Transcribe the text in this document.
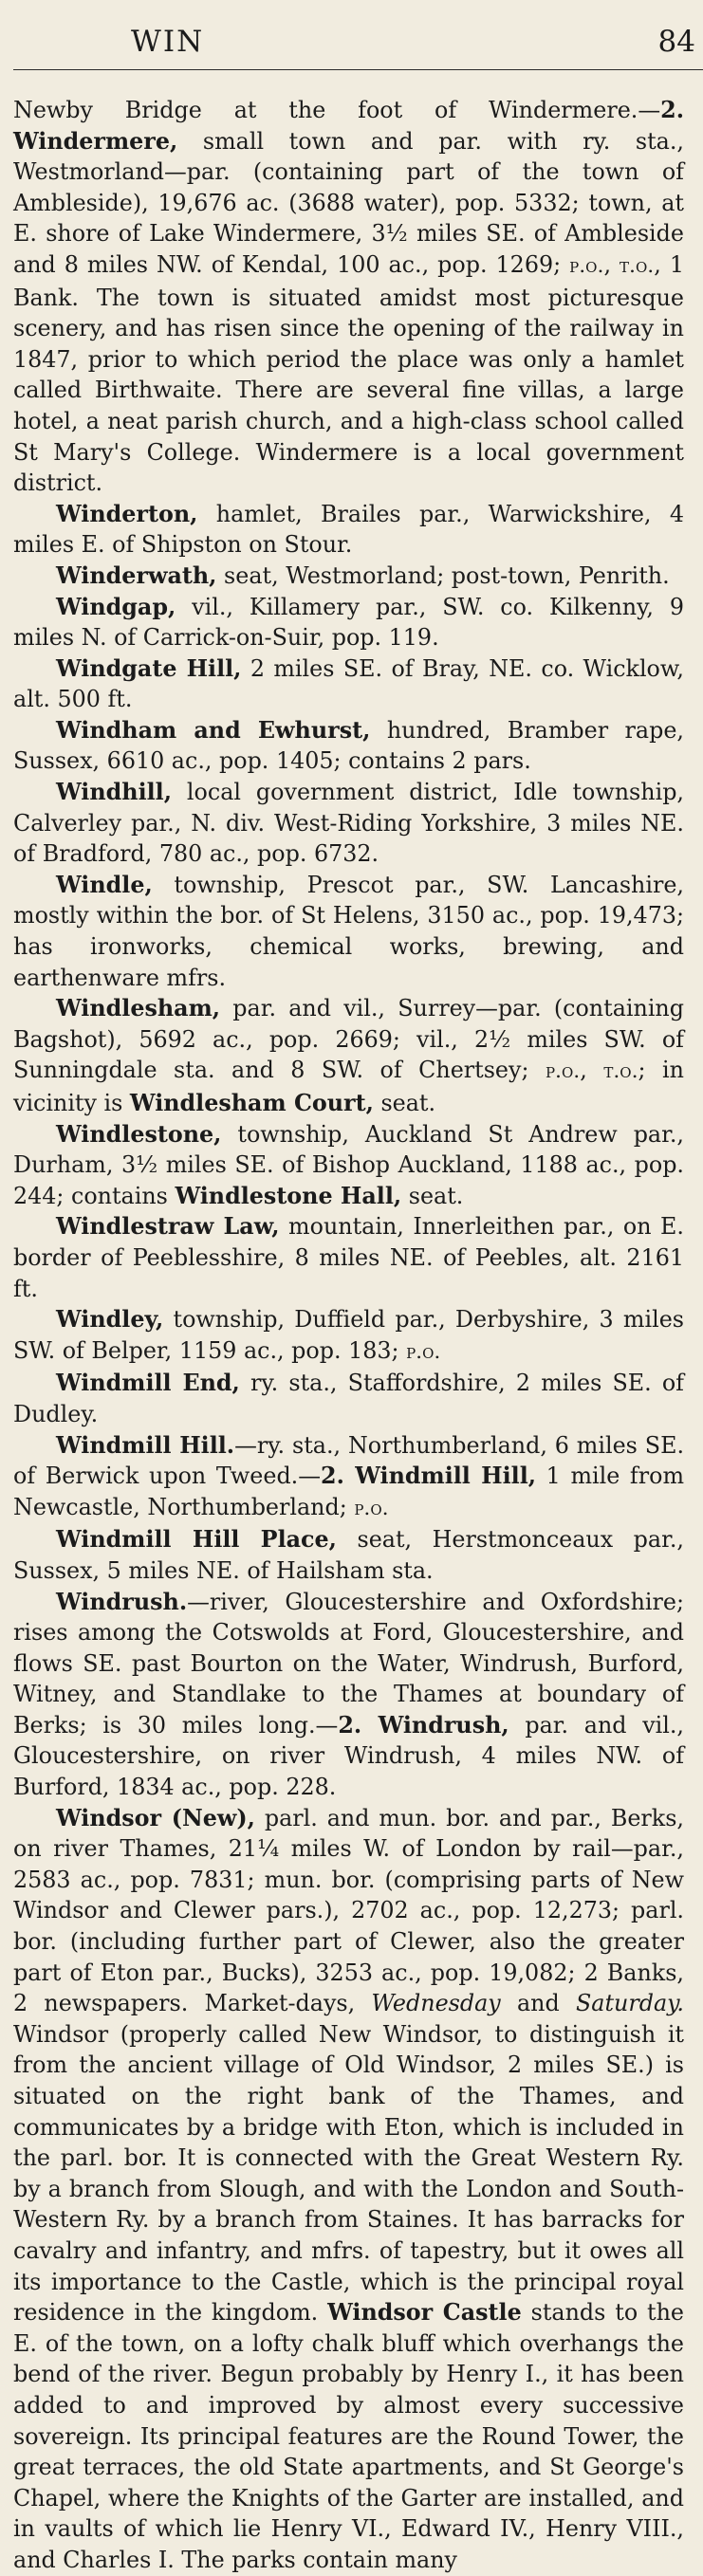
WIN	84

Newby Bridge at the foot of Windermere.—2. Windermere, small town and par. with ry. sta., Westmorland—par. (containing part of the town of Ambleside), 19,676 ac. (3688 water), pop. 5332; town, at E. shore of Lake Windermere, 3½ miles SE. of Ambleside and 8 miles NW. of Kendal, 100 ac., pop. 1269; p.o., t.o., 1 Bank. The town is situated amidst most picturesque scenery, and has risen since the opening of the railway in 1847, prior to which period the place was only a hamlet called Birthwaite. There are several fine villas, a large hotel, a neat parish church, and a high-class school called St Mary's College. Windermere is a local government district.

Winderton, hamlet, Brailes par., Warwickshire, 4 miles E. of Shipston on Stour.

Winderwath, seat, Westmorland; post-town, Penrith.

Windgap, vil., Killamery par., SW. co. Kilkenny, 9 miles N. of Carrick-on-Suir, pop. 119.

Windgate Hill, 2 miles SE. of Bray, NE. co. Wicklow, alt. 500 ft.

Windham and Ewhurst, hundred, Bramber rape, Sussex, 6610 ac., pop. 1405; contains 2 pars.

Windhill, local government district, Idle township, Calverley par., N. div. West-Riding Yorkshire, 3 miles NE. of Bradford, 780 ac., pop. 6732.

Windle, township, Prescot par., SW. Lancashire, mostly within the bor. of St Helens, 3150 ac., pop. 19,473; has ironworks, chemical works, brewing, and earthenware mfrs.

Windlesham, par. and vil., Surrey—par. (containing Bagshot), 5692 ac., pop. 2669; vil., 2½ miles SW. of Sunningdale sta. and 8 SW. of Chertsey; p.o., t.o.; in vicinity is Windlesham Court, seat.

Windlestone, township, Auckland St Andrew par., Durham, 3½ miles SE. of Bishop Auckland, 1188 ac., pop. 244; contains Windlestone Hall, seat.

Windlestraw Law, mountain, Innerleithen par., on E. border of Peeblesshire, 8 miles NE. of Peebles, alt. 2161 ft.

Windley, township, Duffield par., Derbyshire, 3 miles SW. of Belper, 1159 ac., pop. 183; p.o.

Windmill End, ry. sta., Staffordshire, 2 miles SE. of Dudley.

Windmill Hill.—ry. sta., Northumberland, 6 miles SE. of Berwick upon Tweed.—2. Windmill Hill, 1 mile from Newcastle, Northumberland; p.o.

Windmill Hill Place, seat, Herstmonceaux par., Sussex, 5 miles NE. of Hailsham sta.

Windrush.—river, Gloucestershire and Oxfordshire; rises among the Cotswolds at Ford, Gloucestershire, and flows SE. past Bourton on the Water, Windrush, Burford, Witney, and Standlake to the Thames at boundary of Berks; is 30 miles long.—2. Windrush, par. and vil., Gloucestershire, on river Windrush, 4 miles NW. of Burford, 1834 ac., pop. 228.

Windsor (New), parl. and mun. bor. and par., Berks, on river Thames, 21¼ miles W. of London by rail—par., 2583 ac., pop. 7831; mun. bor. (comprising parts of New Windsor and Clewer pars.), 2702 ac., pop. 12,273; parl. bor. (including further part of Clewer, also the greater part of Eton par., Bucks), 3253 ac., pop. 19,082; 2 Banks, 2 newspapers. Market-days, Wednesday and Saturday. Windsor (properly called New Windsor, to distinguish it from the ancient village of Old Windsor, 2 miles SE.) is situated on the right bank of the Thames, and communicates by a bridge with Eton, which is included in the parl. bor. It is connected with the Great Western Ry. by a branch from Slough, and with the London and South-Western Ry. by a branch from Staines. It has barracks for cavalry and infantry, and mfrs. of tapestry, but it owes all its importance to the Castle, which is the principal royal residence in the kingdom. Windsor Castle stands to the E. of the town, on a lofty chalk bluff which overhangs the bend of the river. Begun probably by Henry I., it has been added to and improved by almost every successive sovereign. Its principal features are the Round Tower, the great terraces, the old State apartments, and St George's Chapel, where the Knights of the Garter are installed, and in vaults of which lie Henry VI., Edward IV., Henry VIII., and Charles I. The parks contain many
